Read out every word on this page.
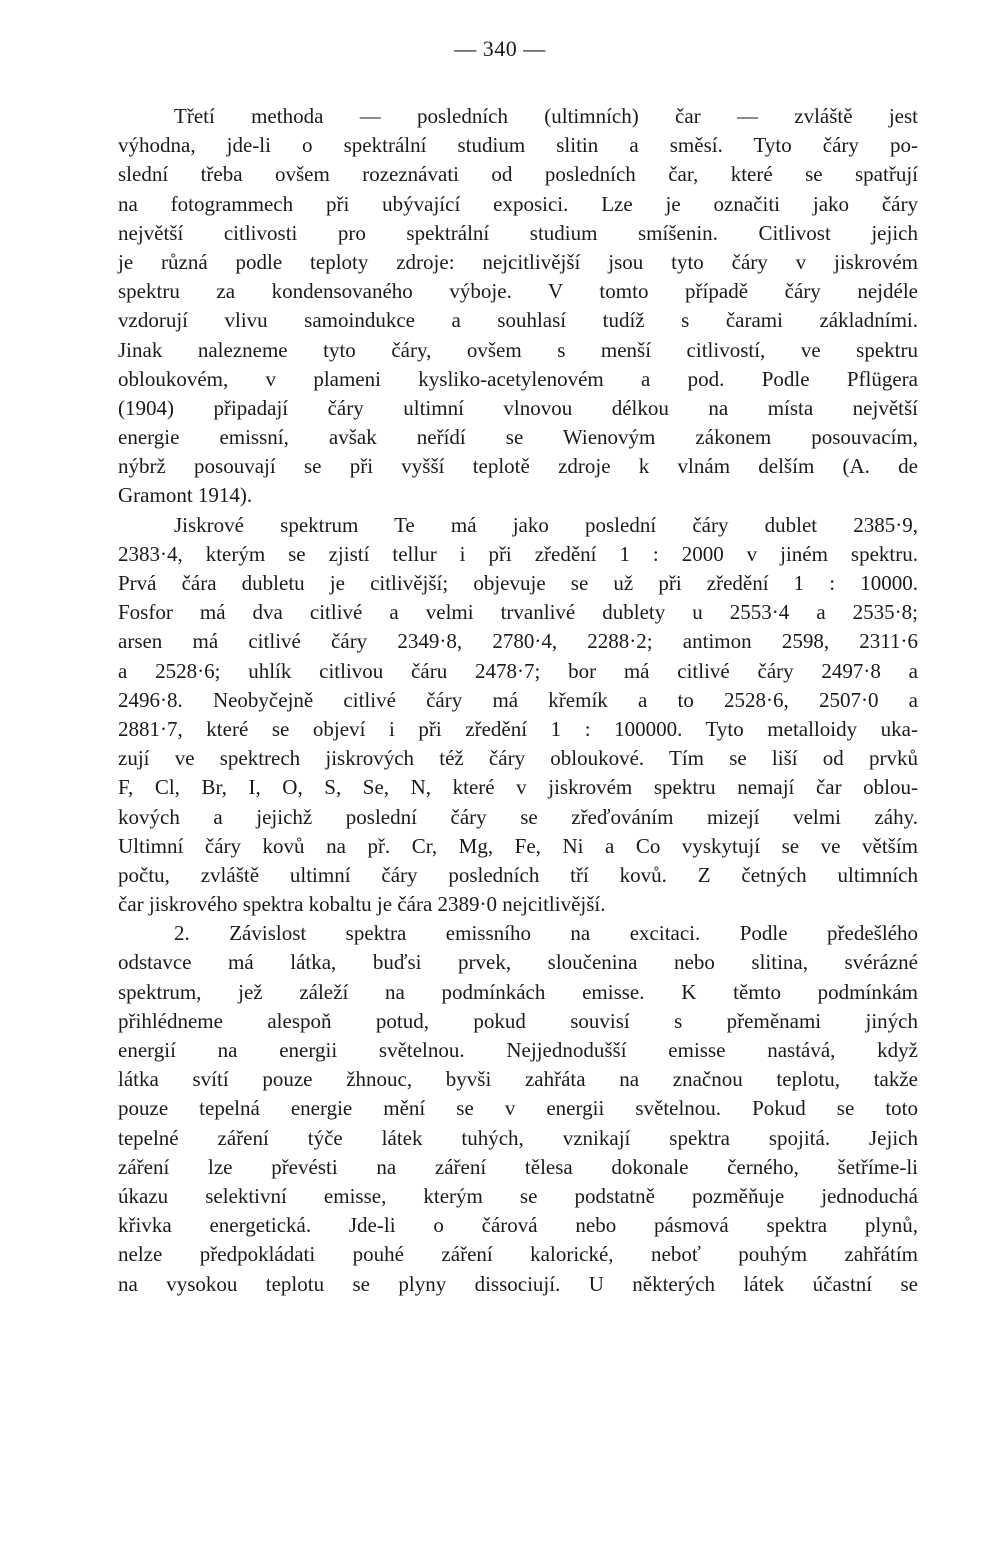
— 340 —
Třetí methoda — posledních (ultimních) čar — zvláště jest
výhodna, jde-li o spektrální studium slitin a směsí. Tyto čáry po-
slední třeba ovšem rozeznávati od posledních čar, které se spatřují
na fotogrammech při ubývající exposici. Lze je označiti jako čáry
největší citlivosti pro spektrální studium smíšenin. Citlivost jejich
je různá podle teploty zdroje: nejcitlivější jsou tyto čáry v jiskrovém
spektru za kondensovaného výboje. V tomto případě čáry nejdéle
vzdorují vlivu samoindukce a souhlasí tudíž s čarami základními.
Jinak nalezneme tyto čáry, ovšem s menší citlivostí, ve spektru
obloukovém, v plameni kysliko-acetylenovém a pod. Podle Pflügera
(1904) připadají čáry ultimní vlnovou délkou na místa největší
energie emissní, avšak neřídí se Wienovým zákonem posouvacím,
nýbrž posouvají se při vyšší teplotě zdroje k vlnám delším (A. de
Gramont 1914).
Jiskrové spektrum Te má jako poslední čáry dublet 2385·9,
2383·4, kterým se zjistí tellur i při zředění 1 : 2000 v jiném spektru.
Prvá čára dubletu je citlivější; objevuje se už při zředění 1 : 10000.
Fosfor má dva citlivé a velmi trvanlivé dublety u 2553·4 a 2535·8;
arsen má citlivé čáry 2349·8, 2780·4, 2288·2; antimon 2598, 2311·6
a 2528·6; uhlík citlivou čáru 2478·7; bor má citlivé čáry 2497·8 a
2496·8. Neobyčejně citlivé čáry má křemík a to 2528·6, 2507·0 a
2881·7, které se objeví i při zředění 1 : 100000. Tyto metalloidy uka-
zují ve spektrech jiskrových též čáry obloukové. Tím se liší od prvků
F, Cl, Br, I, O, S, Se, N, které v jiskrovém spektru nemají čar oblou-
kových a jejichž poslední čáry se zřeďováním mizejí velmi záhy.
Ultimní čáry kovů na př. Cr, Mg, Fe, Ni a Co vyskytují se ve větším
počtu, zvláště ultimní čáry posledních tří kovů. Z četných ultimních
čar jiskrového spektra kobaltu je čára 2389·0 nejcitlivější.
2. Závislost spektra emissního na excitaci. Podle předešlého
odstavce má látka, buďsi prvek, sloučenina nebo slitina, svérázné
spektrum, jež záleží na podmínkách emisse. K těmto podmínkám
přihlédneme alespoň potud, pokud souvisí s přeměnami jiných
energií na energii světelnou. Nejjednodušší emisse nastává, když
látka svítí pouze žhnouc, byvši zahřáta na značnou teplotu, takže
pouze tepelná energie mění se v energii světelnou. Pokud se toto
tepelné záření týče látek tuhých, vznikají spektra spojitá. Jejich
záření lze převésti na záření tělesa dokonale černého, šetříme-li
úkazu selektivní emisse, kterým se podstatně pozměňuje jednoduchá
křivka energetická. Jde-li o čárová nebo pásmová spektra plynů,
nelze předpokládati pouhé záření kalorické, neboť pouhým zahřátím
na vysokou teplotu se plyny dissociují. U některých látek účastní se
